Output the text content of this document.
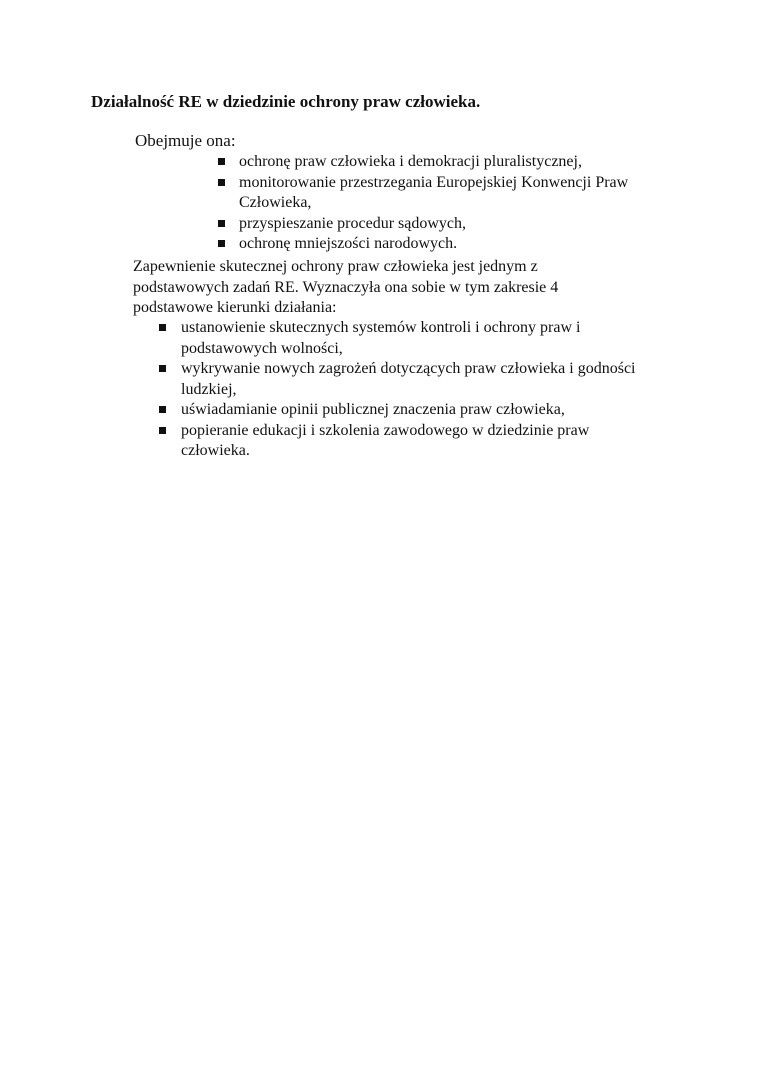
Działalność RE w dziedzinie ochrony praw człowieka.
Obejmuje ona:
ochronę praw człowieka i demokracji pluralistycznej,
monitorowanie przestrzegania Europejskiej Konwencji Praw Człowieka,
przyspieszanie procedur sądowych,
ochronę mniejszości narodowych.
Zapewnienie skutecznej ochrony praw człowieka jest jednym z podstawowych zadań RE. Wyznaczyła ona sobie w tym zakresie 4 podstawowe kierunki działania:
ustanowienie skutecznych systemów kontroli i ochrony praw i podstawowych wolności,
wykrywanie nowych zagrożeń dotyczących praw człowieka i godności ludzkiej,
uświadamianie opinii publicznej znaczenia praw człowieka,
popieranie edukacji i szkolenia zawodowego w dziedzinie praw człowieka.
